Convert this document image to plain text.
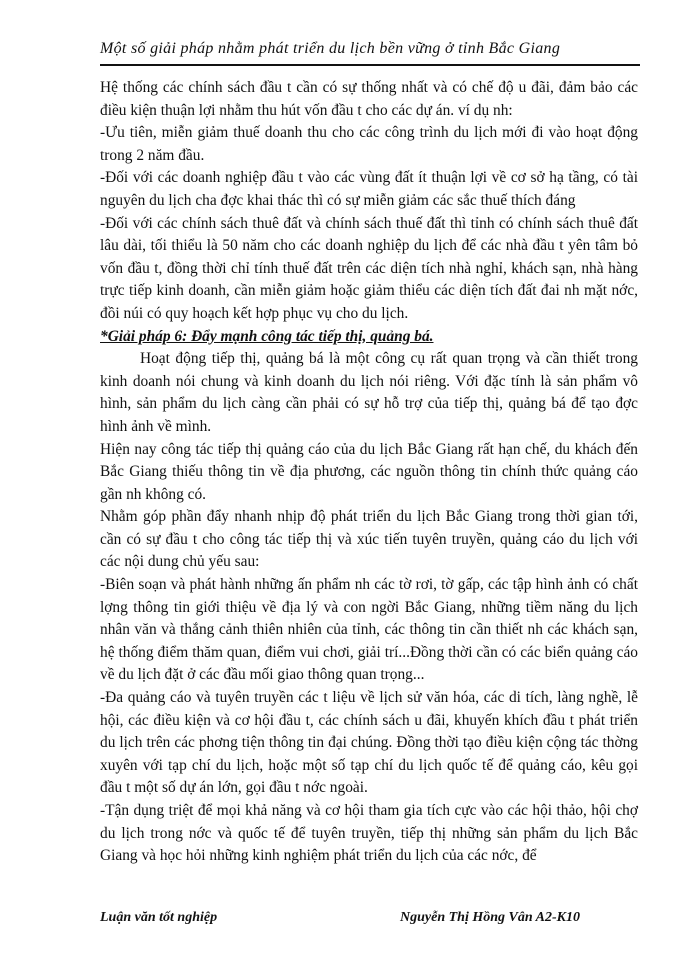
Một số giải pháp nhằm phát triển du lịch bền vững ở tỉnh Bắc Giang

Hệ thống các chính sách đầu t cần có sự thống nhất và có chế độ u đãi, đảm bảo các điều kiện thuận lợi nhằm thu hút vốn đầu t cho các dự án. ví dụ nh:

-Ưu tiên, miễn giảm thuế doanh thu cho các công trình du lịch mới đi vào hoạt động trong 2 năm đầu.

-Đối với các doanh nghiệp đầu t vào các vùng đất ít thuận lợi về cơ sở hạ tầng, có tài nguyên du lịch cha đợc khai thác thì có sự miễn giảm các sắc thuế thích đáng

-Đối với các chính sách thuê đất và chính sách thuế đất thì tỉnh có chính sách thuê đất lâu dài, tối thiểu là 50 năm cho các doanh nghiệp du lịch để các nhà đầu t yên tâm bỏ vốn đầu t, đồng thời chỉ tính thuế đất trên các diện tích nhà nghỉ, khách sạn, nhà hàng trực tiếp kinh doanh, cần miễn giảm hoặc giảm thiểu các diện tích đất đai nh mặt nớc, đồi núi có quy hoạch kết hợp phục vụ cho du lịch.

*Giải pháp 6: Đẩy mạnh công tác tiếp thị, quảng bá.

Hoạt động tiếp thị, quảng bá là một công cụ rất quan trọng và cần thiết trong kinh doanh nói chung và kinh doanh du lịch nói riêng. Với đặc tính là sản phẩm vô hình, sản phẩm du lịch càng cần phải có sự hỗ trợ của tiếp thị, quảng bá để tạo đợc hình ảnh về mình.

Hiện nay công tác tiếp thị quảng cáo của du lịch Bắc Giang rất hạn chế, du khách đến Bắc Giang thiếu thông tin về địa phương, các nguồn thông tin chính thức quảng cáo gần nh không có.

Nhằm góp phần đẩy nhanh nhịp độ phát triển du lịch Bắc Giang trong thời gian tới, cần có sự đầu t cho công tác tiếp thị và xúc tiến tuyên truyền, quảng cáo du lịch với các nội dung chủ yếu sau:

-Biên soạn và phát hành những ấn phẩm nh các tờ rơi, tờ gấp, các tập hình ảnh có chất lợng thông tin giới thiệu về địa lý và con ngời Bắc Giang, những tiềm năng du lịch nhân văn và thắng cảnh thiên nhiên của tỉnh, các thông tin cần thiết nh các khách sạn, hệ thống điểm thăm quan, điểm vui chơi, giải trí...Đồng thời cần có các biển quảng cáo về du lịch đặt ở các đầu mối giao thông quan trọng...

-Đa quảng cáo và tuyên truyền các t liệu về lịch sử văn hóa, các di tích, làng nghề, lễ hội, các điều kiện và cơ hội đầu t, các chính sách u đãi, khuyến khích đầu t phát triển du lịch trên các phơng tiện thông tin đại chúng. Đồng thời tạo điều kiện cộng tác thờng xuyên với tạp chí du lịch, hoặc một số tạp chí du lịch quốc tế để quảng cáo, kêu gọi đầu t một số dự án lớn, gọi đầu t nớc ngoài.

-Tận dụng triệt để mọi khả năng và cơ hội tham gia tích cực vào các hội thảo, hội chợ du lịch trong nớc và quốc tế để tuyên truyền, tiếp thị những sản phẩm du lịch Bắc Giang và học hỏi những kinh nghiệm phát triển du lịch của các nớc, để

Luận văn tốt nghiệp	Nguyễn Thị Hồng Vân A2-K10
